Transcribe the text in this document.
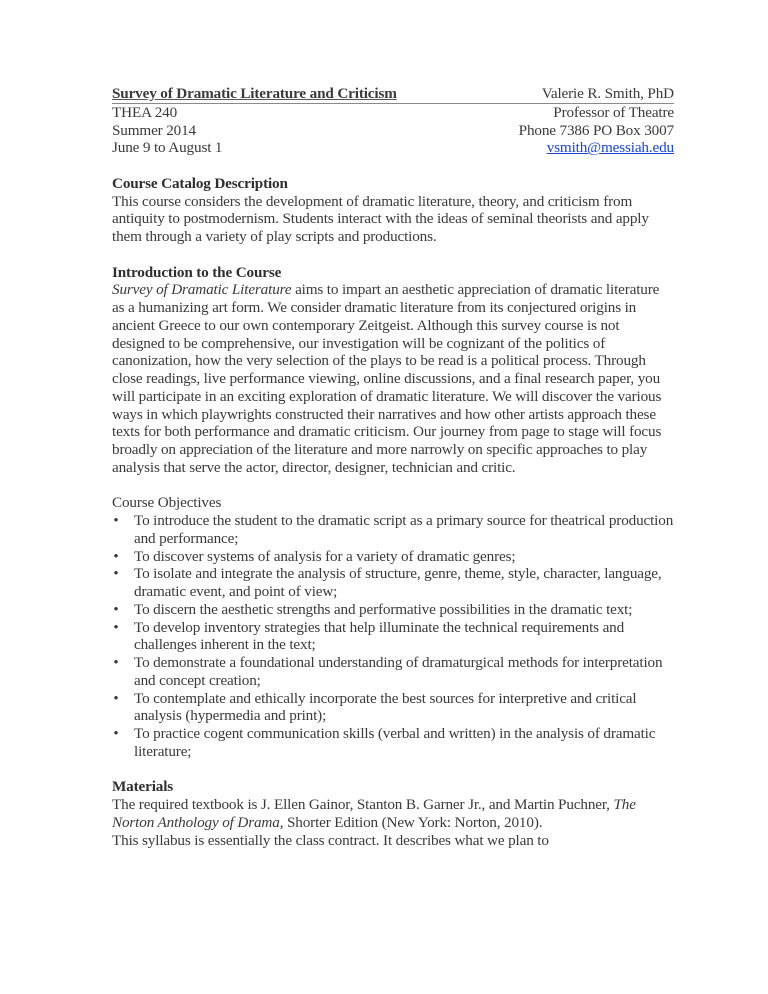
Survey of Dramatic Literature and Criticism	Valerie R. Smith, PhD
THEA 240	Professor of Theatre
Summer 2014	Phone 7386 PO Box 3007
June 9 to August 1	vsmith@messiah.edu
Course Catalog Description

This course considers the development of dramatic literature, theory, and criticism from antiquity to postmodernism. Students interact with the ideas of seminal theorists and apply them through a variety of play scripts and productions.

Introduction to the Course

Survey of Dramatic Literature aims to impart an aesthetic appreciation of dramatic literature as a humanizing art form. We consider dramatic literature from its conjectured origins in ancient Greece to our own contemporary Zeitgeist. Although this survey course is not designed to be comprehensive, our investigation will be cognizant of the politics of canonization, how the very selection of the plays to be read is a political process. Through close readings, live performance viewing, online discussions, and a final research paper, you will participate in an exciting exploration of dramatic literature. We will discover the various ways in which playwrights constructed their narratives and how other artists approach these texts for both performance and dramatic criticism. Our journey from page to stage will focus broadly on appreciation of the literature and more narrowly on specific approaches to play analysis that serve the actor, director, designer, technician and critic.

Course Objectives
• To introduce the student to the dramatic script as a primary source for theatrical production and performance;
• To discover systems of analysis for a variety of dramatic genres;
• To isolate and integrate the analysis of structure, genre, theme, style, character, language, dramatic event, and point of view;
• To discern the aesthetic strengths and performative possibilities in the dramatic text;
• To develop inventory strategies that help illuminate the technical requirements and challenges inherent in the text;
• To demonstrate a foundational understanding of dramaturgical methods for interpretation and concept creation;
• To contemplate and ethically incorporate the best sources for interpretive and critical analysis (hypermedia and print);
• To practice cogent communication skills (verbal and written) in the analysis of dramatic literature;
Materials

The required textbook is J. Ellen Gainor, Stanton B. Garner Jr., and Martin Puchner, The Norton Anthology of Drama, Shorter Edition (New York: Norton, 2010).

This syllabus is essentially the class contract. It describes what we plan to
